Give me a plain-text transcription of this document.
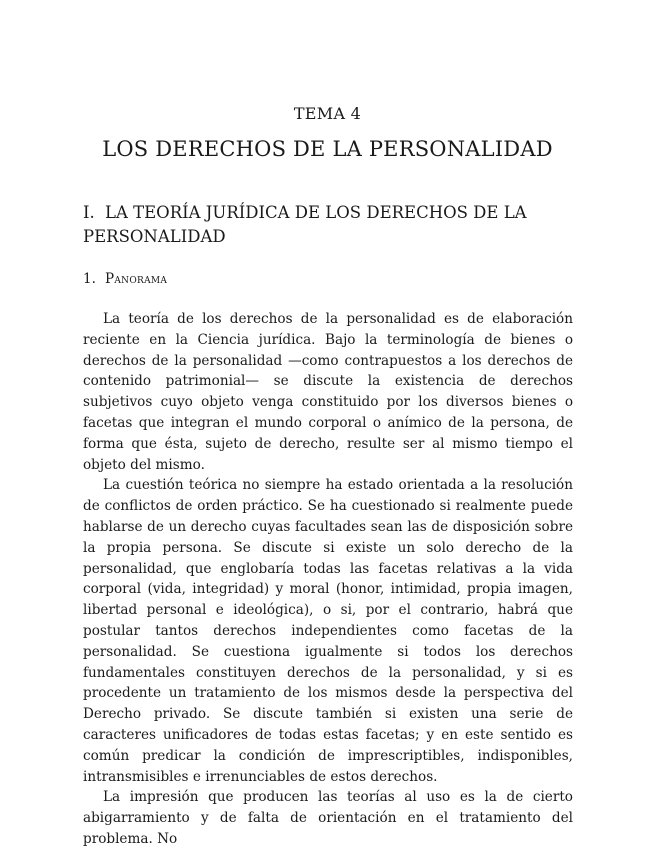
TEMA 4
LOS DERECHOS DE LA PERSONALIDAD
I. LA TEORÍA JURÍDICA DE LOS DERECHOS DE LA PERSONALIDAD
1. Panorama

La teoría de los derechos de la personalidad es de elaboración reciente en la Ciencia jurídica. Bajo la terminología de bienes o derechos de la personalidad —como contrapuestos a los derechos de contenido patrimonial— se discute la existencia de derechos subjetivos cuyo objeto venga constituido por los diversos bienes o facetas que integran el mundo corporal o anímico de la persona, de forma que ésta, sujeto de derecho, resulte ser al mismo tiempo el objeto del mismo.

La cuestión teórica no siempre ha estado orientada a la resolución de conflictos de orden práctico. Se ha cuestionado si realmente puede hablarse de un derecho cuyas facultades sean las de disposición sobre la propia persona. Se discute si existe un solo derecho de la personalidad, que englobaría todas las facetas relativas a la vida corporal (vida, integridad) y moral (honor, intimidad, propia imagen, libertad personal e ideológica), o si, por el contrario, habrá que postular tantos derechos independientes como facetas de la personalidad. Se cuestiona igualmente si todos los derechos fundamentales constituyen derechos de la personalidad, y si es procedente un tratamiento de los mismos desde la perspectiva del Derecho privado. Se discute también si existen una serie de caracteres unificadores de todas estas facetas; y en este sentido es común predicar la condición de imprescriptibles, indisponibles, intransmisibles e irrenunciables de estos derechos.

La impresión que producen las teorías al uso es la de cierto abigarramiento y de falta de orientación en el tratamiento del problema. No
